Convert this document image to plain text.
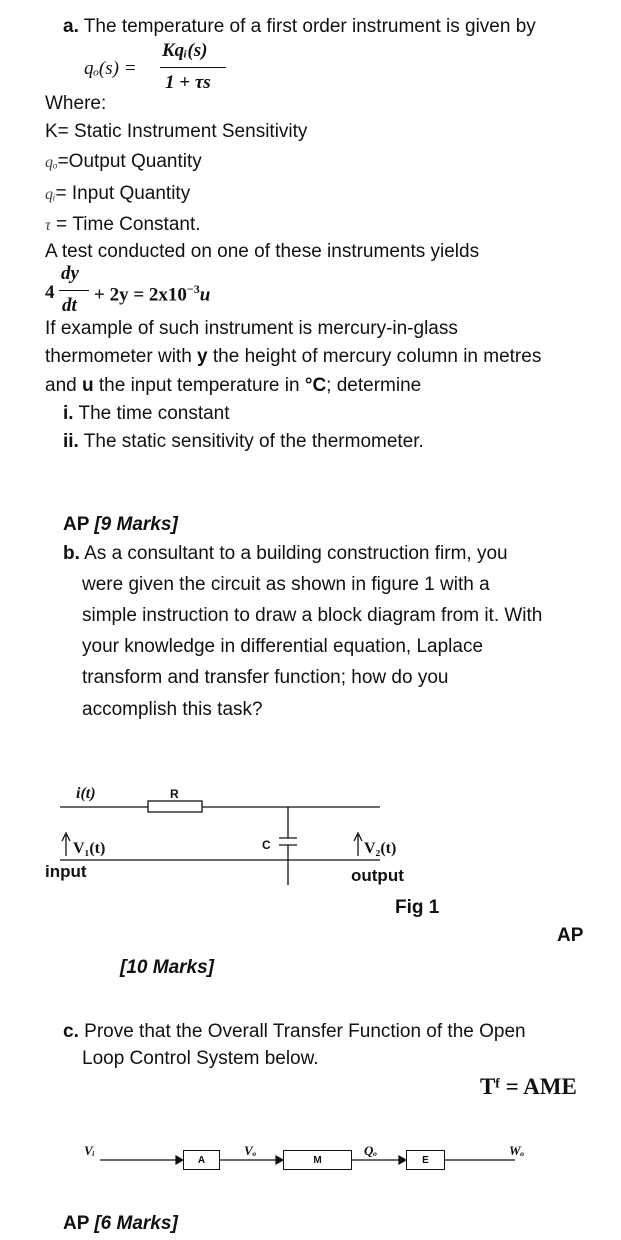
a. The temperature of a first order instrument is given by
qₒ(s) =
Kqᵢ(s)
1 + τs
Where:
K= Static Instrument Sensitivity
qₒ=Output Quantity
qᵢ= Input Quantity
τ = Time Constant.
A test conducted on one of these instruments yields
4
dy
dt
+ $2y = 2x10^{-3}u$
If example of such instrument is mercury-in-glass
thermometer with y the height of mercury column in metres
and u the input temperature in °C; determine
i. The time constant
ii. The static sensitivity of the thermometer.
AP [9 Marks]
b. As a consultant to a building construction firm, you
were given the circuit as shown in figure 1 with a
simple instruction to draw a block diagram from it. With
your knowledge in differential equation, Laplace
transform and transfer function; how do you
accomplish this task?
i(t)	R
C
V₁(t)	V₂(t)
input	output
Fig 1
AP
[10 Marks]
c. Prove that the Overall Transfer Function of the Open
Loop Control System below.
Tᶠ = AME
Vᵢ
A
Vₒ
M
Qₒ
E
Wₒ
AP [6 Marks]
